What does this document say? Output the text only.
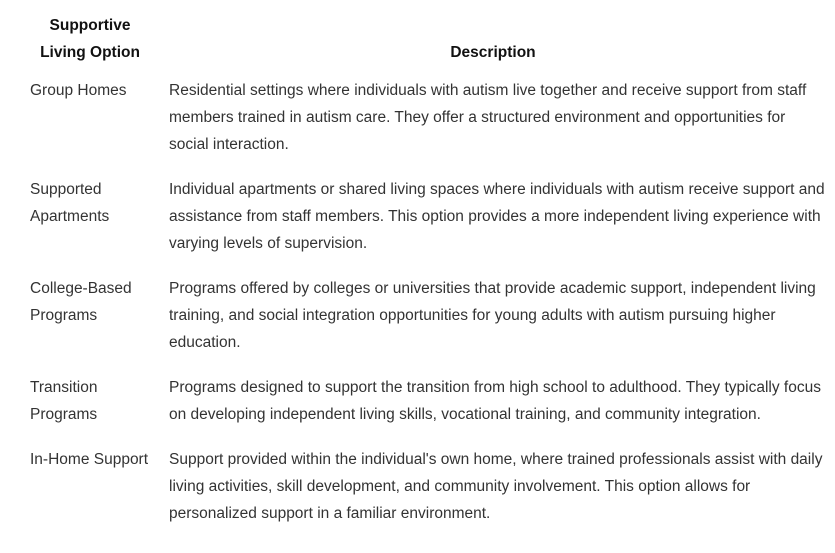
Supportive Living Option	Description
Group Homes	Residential settings where individuals with autism live together and receive support from staff members trained in autism care. They offer a structured environment and opportunities for social interaction.
Supported Apartments	Individual apartments or shared living spaces where individuals with autism receive support and assistance from staff members. This option provides a more independent living experience with varying levels of supervision.
College-Based Programs	Programs offered by colleges or universities that provide academic support, independent living training, and social integration opportunities for young adults with autism pursuing higher education.
Transition Programs	Programs designed to support the transition from high school to adulthood. They typically focus on developing independent living skills, vocational training, and community integration.
In-Home Support	Support provided within the individual's own home, where trained professionals assist with daily living activities, skill development, and community involvement. This option allows for personalized support in a familiar environment.
